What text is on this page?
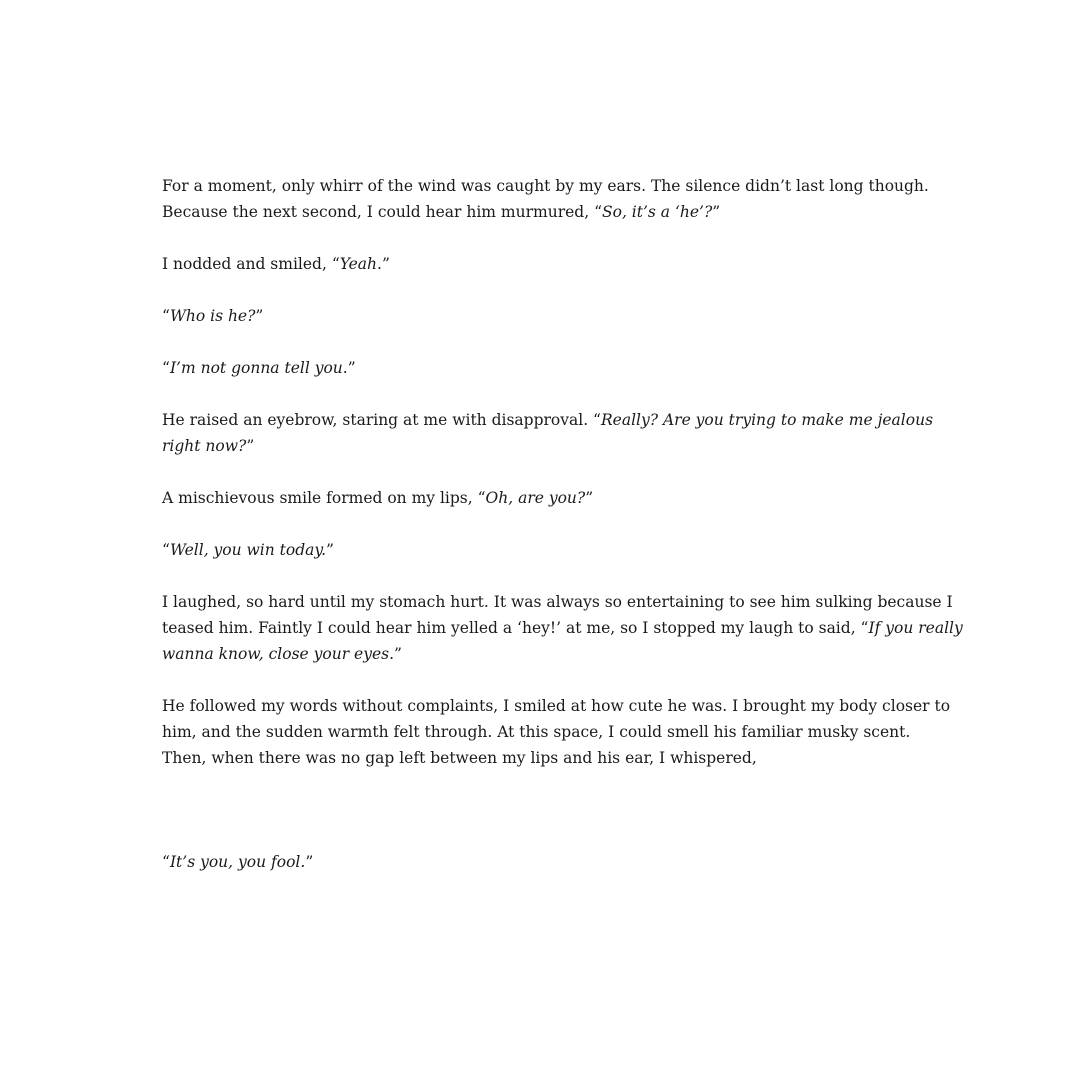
For a moment, only whirr of the wind was caught by my ears. The silence didn’t last long though.
Because the next second, I could hear him murmured, “So, it’s a ‘he’?”

I nodded and smiled, “Yeah.”

“Who is he?”

“I’m not gonna tell you.”

He raised an eyebrow, staring at me with disapproval. “Really? Are you trying to make me jealous
right now?”

A mischievous smile formed on my lips, “Oh, are you?”

“Well, you win today.”

I laughed, so hard until my stomach hurt. It was always so entertaining to see him sulking because I
teased him. Faintly I could hear him yelled a ‘hey!’ at me, so I stopped my laugh to said, “If you really
wanna know, close your eyes.”

He followed my words without complaints, I smiled at how cute he was. I brought my body closer to
him, and the sudden warmth felt through. At this space, I could smell his familiar musky scent.
Then, when there was no gap left between my lips and his ear, I whispered,

“It’s you, you fool.”
